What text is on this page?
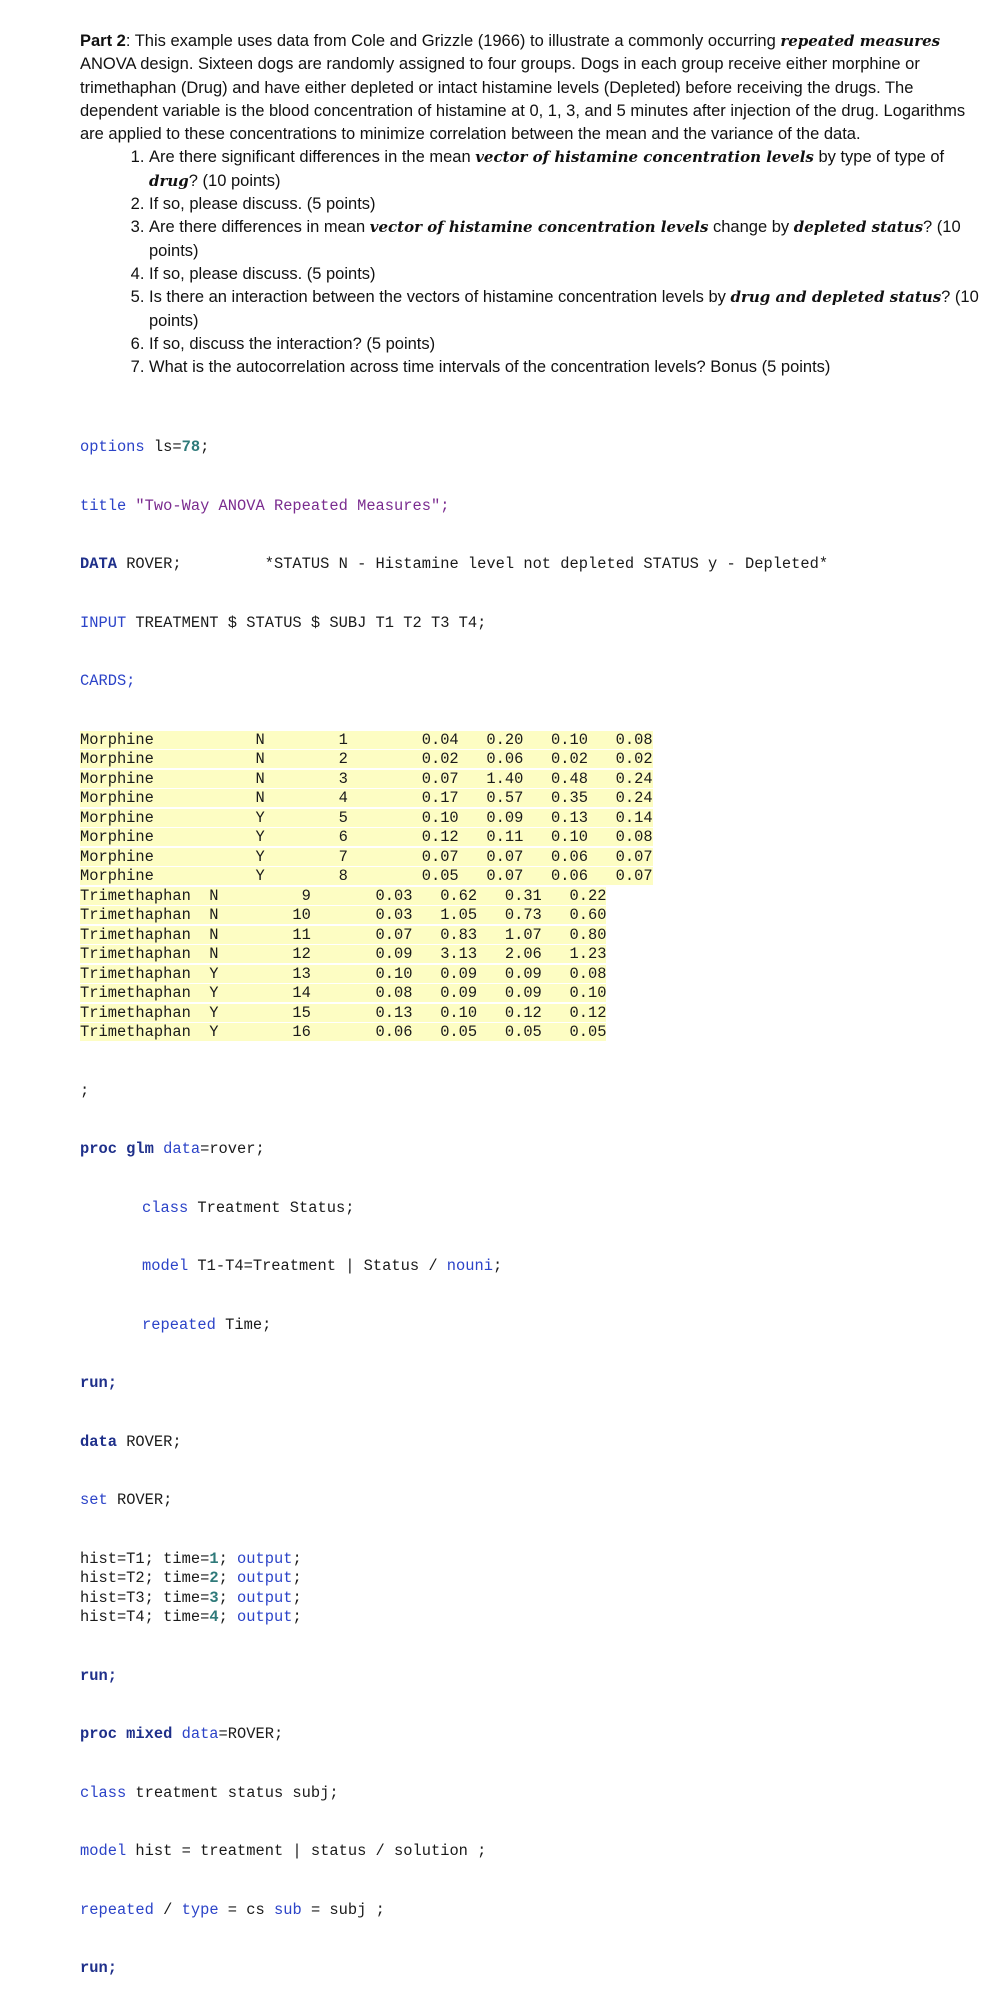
Part 2: This example uses data from Cole and Grizzle (1966) to illustrate a commonly occurring repeated measures ANOVA design. Sixteen dogs are randomly assigned to four groups. Dogs in each group receive either morphine or trimethaphan (Drug) and have either depleted or intact histamine levels (Depleted) before receiving the drugs. The dependent variable is the blood concentration of histamine at 0, 1, 3, and 5 minutes after injection of the drug. Logarithms are applied to these concentrations to minimize correlation between the mean and the variance of the data.

1. Are there significant differences in the mean vector of histamine concentration levels by type of type of drug? (10 points)
2. If so, please discuss. (5 points)
3. Are there differences in mean vector of histamine concentration levels change by depleted status? (10 points)
4. If so, please discuss. (5 points)
5. Is there an interaction between the vectors of histamine concentration levels by drug and depleted status? (10 points)
6. If so, discuss the interaction? (5 points)
7. What is the autocorrelation across time intervals of the concentration levels? Bonus (5 points)

options ls=78;

title "Two-Way ANOVA Repeated Measures";

DATA ROVER;         *STATUS N - Histamine level not depleted STATUS y - Depleted*

INPUT TREATMENT $ STATUS $ SUBJ T1 T2 T3 T4;

CARDS;

Morphine           N        1        0.04   0.20   0.10   0.08
Morphine           N        2        0.02   0.06   0.02   0.02
Morphine           N        3        0.07   1.40   0.48   0.24
Morphine           N        4        0.17   0.57   0.35   0.24
Morphine           Y        5        0.10   0.09   0.13   0.14
Morphine           Y        6        0.12   0.11   0.10   0.08
Morphine           Y        7        0.07   0.07   0.06   0.07
Morphine           Y        8        0.05   0.07   0.06   0.07
Trimethaphan  N         9       0.03   0.62   0.31   0.22
Trimethaphan  N        10       0.03   1.05   0.73   0.60
Trimethaphan  N        11       0.07   0.83   1.07   0.80
Trimethaphan  N        12       0.09   3.13   2.06   1.23
Trimethaphan  Y        13       0.10   0.09   0.09   0.08
Trimethaphan  Y        14       0.08   0.09   0.09   0.10
Trimethaphan  Y        15       0.13   0.10   0.12   0.12
Trimethaphan  Y        16       0.06   0.05   0.05   0.05

;

proc glm data=rover;

class Treatment Status;

model T1-T4=Treatment | Status / nouni;

repeated Time;

run;

data ROVER;

set ROVER;

hist=T1; time=1; output;
hist=T2; time=2; output;
hist=T3; time=3; output;
hist=T4; time=4; output;

run;

proc mixed data=ROVER;

class treatment status subj;

model hist = treatment | status / solution ;

repeated / type = cs sub = subj ;

run;
